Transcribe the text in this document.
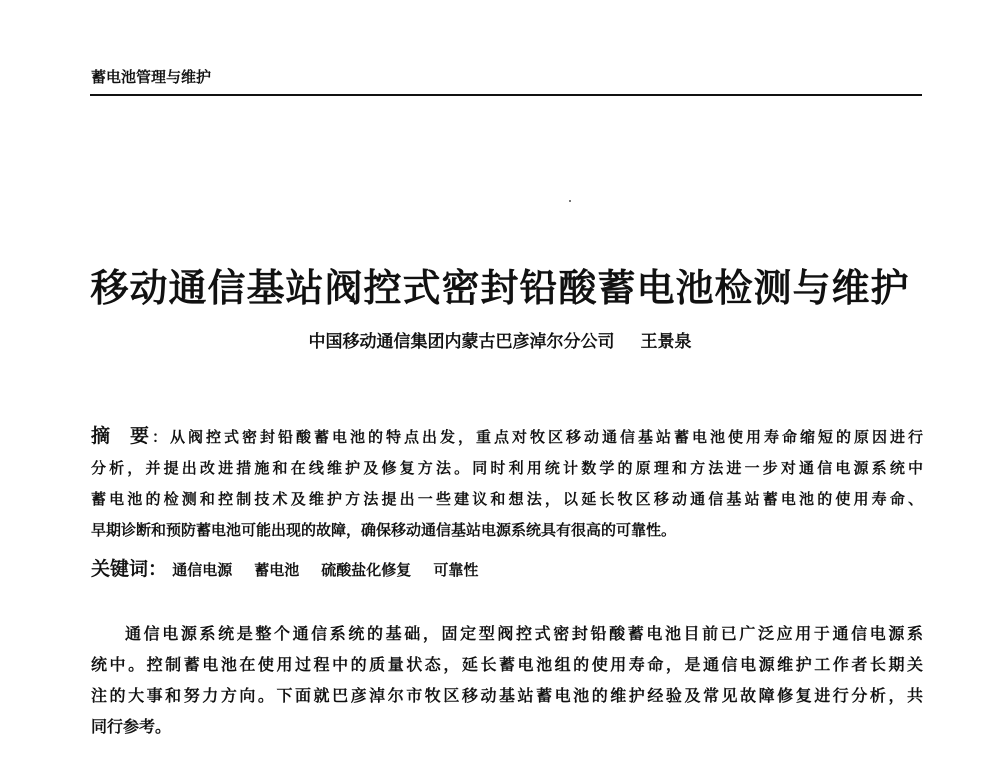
蓄电池管理与维护
移动通信基站阀控式密封铅酸蓄电池检测与维护
中国移动通信集团内蒙古巴彦淖尔分公司 王景泉
摘 要：从阀控式密封铅酸蓄电池的特点出发，重点对牧区移动通信基站蓄电池使用寿命缩短的原因进行
分析，并提出改进措施和在线维护及修复方法。同时利用统计数学的原理和方法进一步对通信电源系统中
蓄电池的检测和控制技术及维护方法提出一些建议和想法，以延长牧区移动通信基站蓄电池的使用寿命、
早期诊断和预防蓄电池可能出现的故障，确保移动通信基站电源系统具有很高的可靠性。
关键词： 通信电源 蓄电池 硫酸盐化修复 可靠性
通信电源系统是整个通信系统的基础，固定型阀控式密封铅酸蓄电池目前已广泛应用于通信电源系
统中。控制蓄电池在使用过程中的质量状态，延长蓄电池组的使用寿命，是通信电源维护工作者长期关
注的大事和努力方向。下面就巴彦淖尔市牧区移动基站蓄电池的维护经验及常见故障修复进行分析，共
同行参考。
